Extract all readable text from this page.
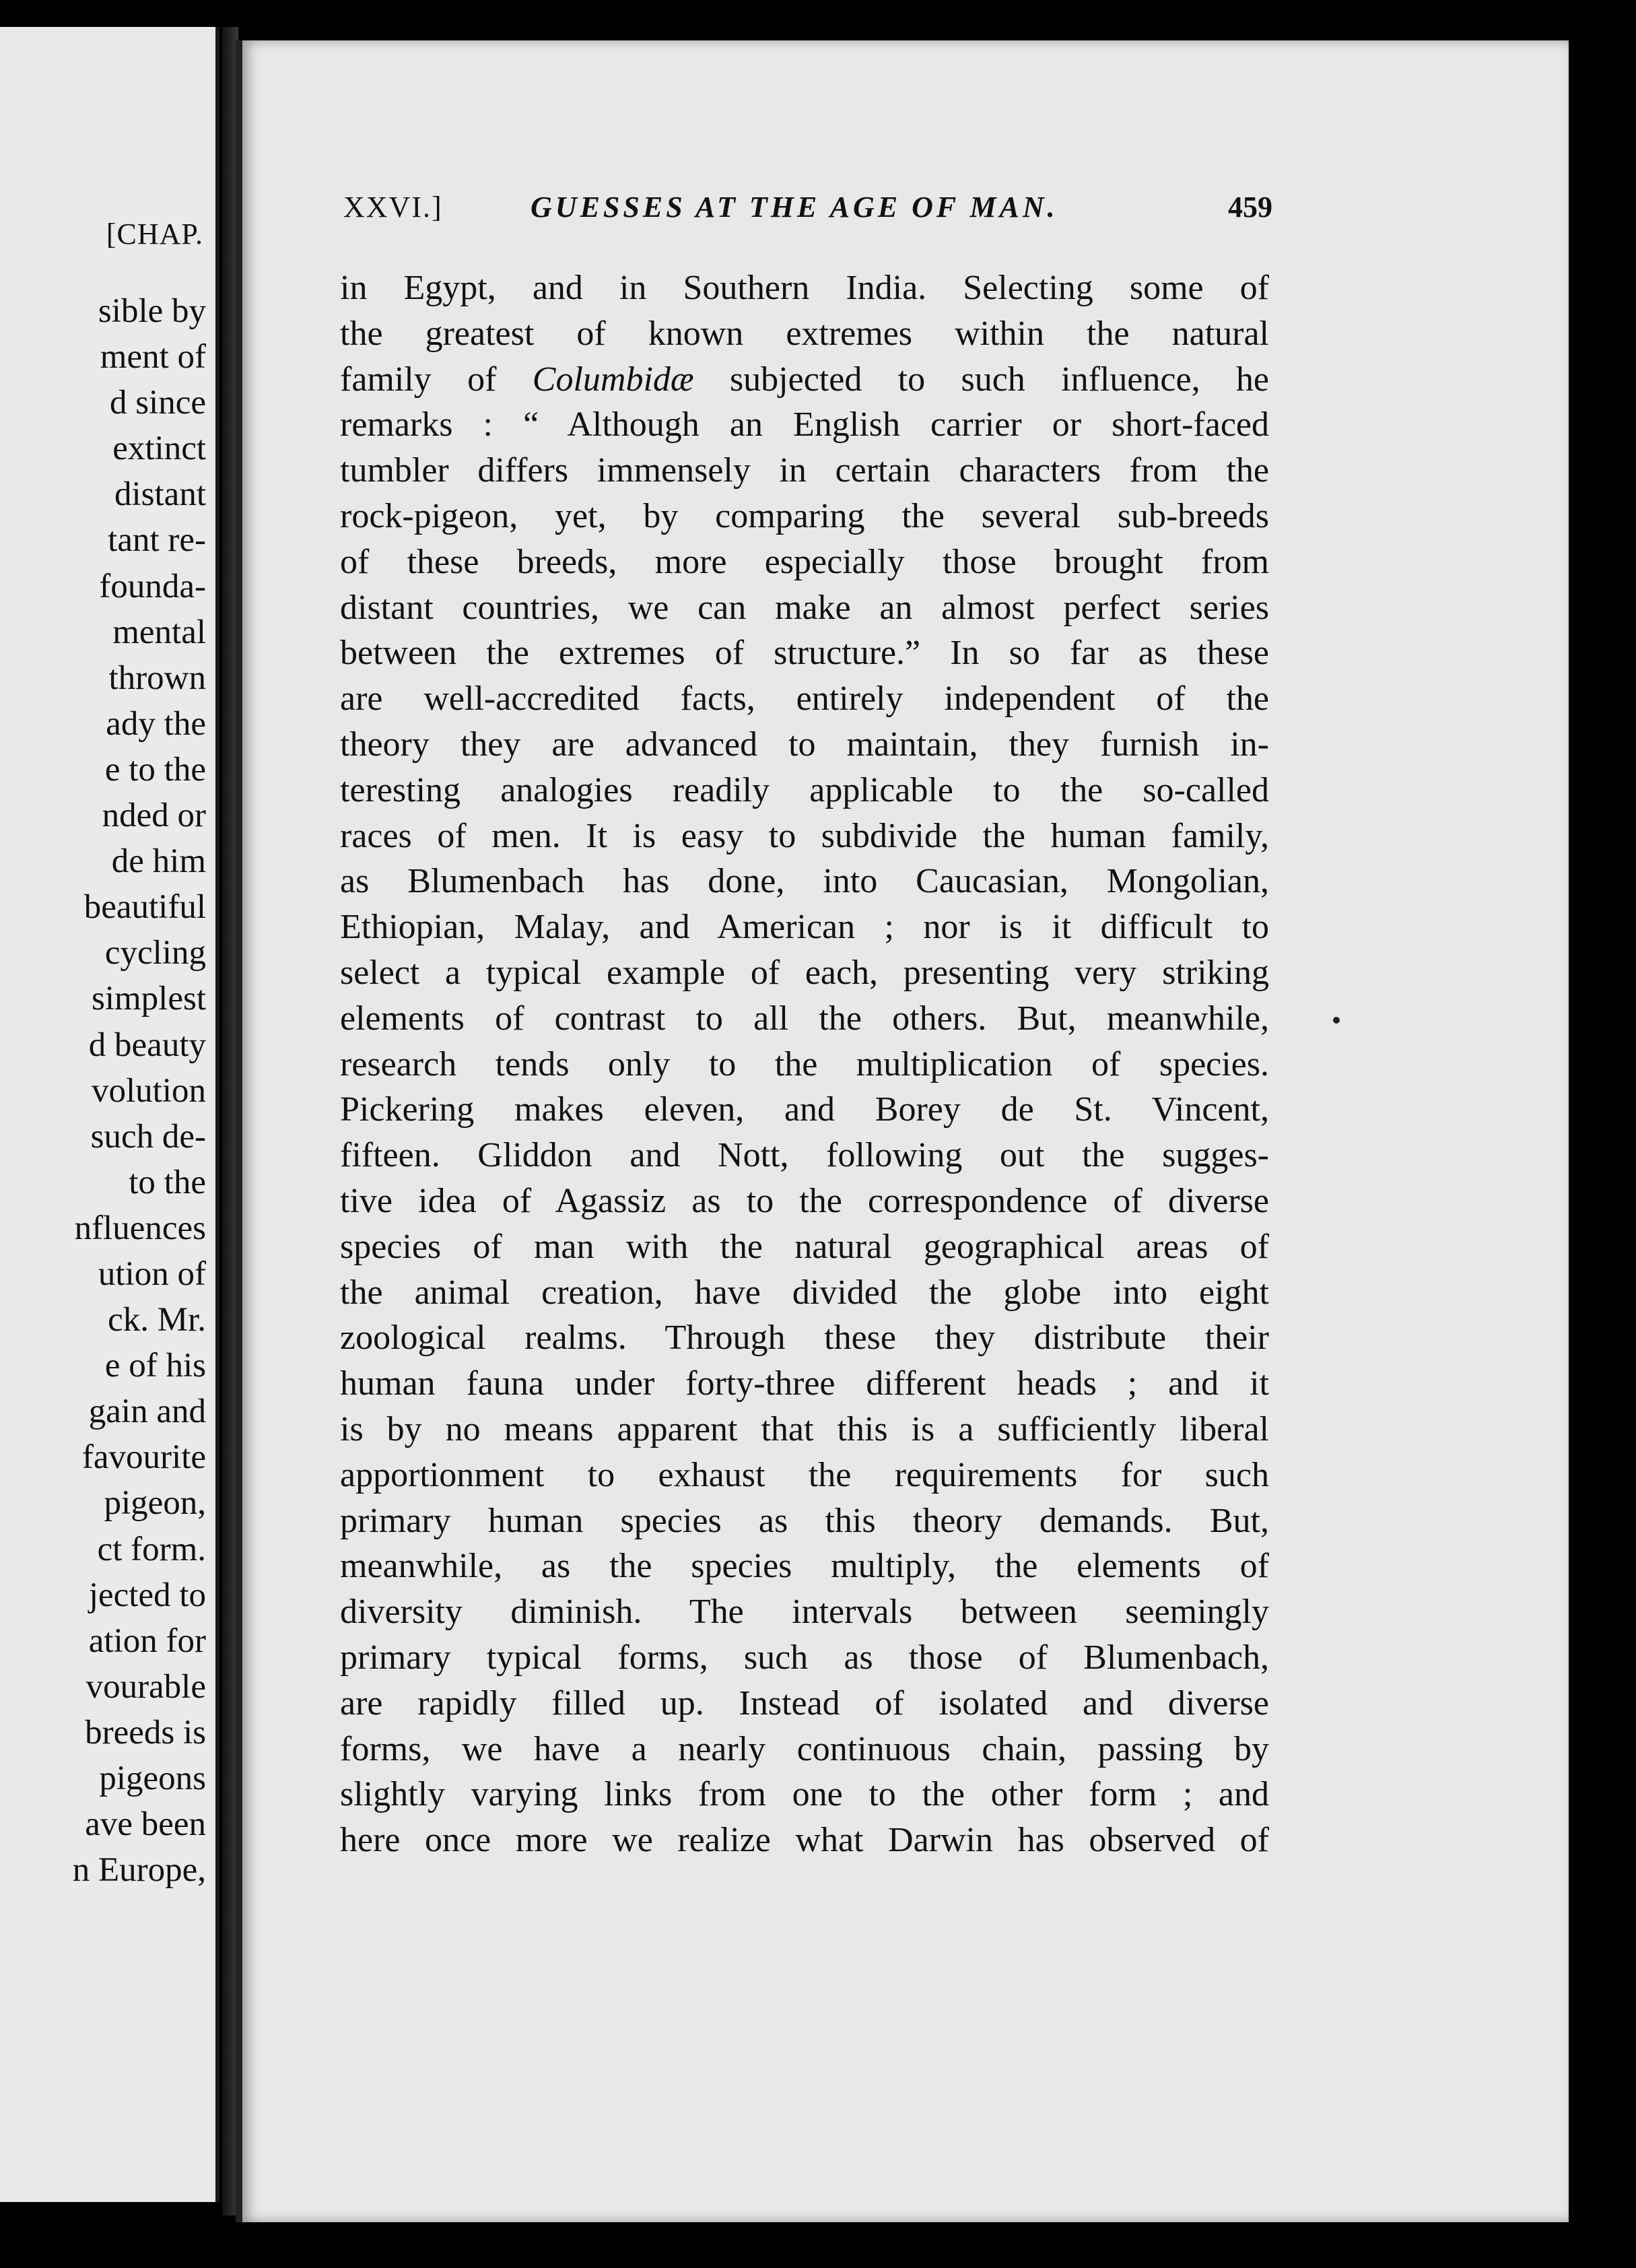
[CHAP.

sible by

ment of

d since

extinct

distant

tant re-

founda-

mental

thrown

ady the

e to the

nded or

de him

beautiful

cycling

simplest

d beauty

volution

such de-

to the

nfluences

ution of

ck. Mr.

e of his

gain and

favourite

pigeon,

ct form.

jected to

ation for

vourable

breeds is

pigeons

ave been

n Europe,

XXVI.]	GUESSES AT THE AGE OF MAN.	459

in Egypt, and in Southern India. Selecting some of

the greatest of known extremes within the natural

family of Columbidæ subjected to such influence, he

remarks : “ Although an English carrier or short-faced

tumbler differs immensely in certain characters from the

rock-pigeon, yet, by comparing the several sub-breeds

of these breeds, more especially those brought from

distant countries, we can make an almost perfect series

between the extremes of structure.” In so far as these

are well-accredited facts, entirely independent of the

theory they are advanced to maintain, they furnish in-

teresting analogies readily applicable to the so-called

races of men. It is easy to subdivide the human family,

as Blumenbach has done, into Caucasian, Mongolian,

Ethiopian, Malay, and American ; nor is it difficult to

select a typical example of each, presenting very striking

elements of contrast to all the others. But, meanwhile,

research tends only to the multiplication of species.

Pickering makes eleven, and Borey de St. Vincent,

fifteen. Gliddon and Nott, following out the sugges-

tive idea of Agassiz as to the correspondence of diverse

species of man with the natural geographical areas of

the animal creation, have divided the globe into eight

zoological realms. Through these they distribute their

human fauna under forty-three different heads ; and it

is by no means apparent that this is a sufficiently liberal

apportionment to exhaust the requirements for such

primary human species as this theory demands. But,

meanwhile, as the species multiply, the elements of

diversity diminish. The intervals between seemingly

primary typical forms, such as those of Blumenbach,

are rapidly filled up. Instead of isolated and diverse

forms, we have a nearly continuous chain, passing by

slightly varying links from one to the other form ; and

here once more we realize what Darwin has observed of
